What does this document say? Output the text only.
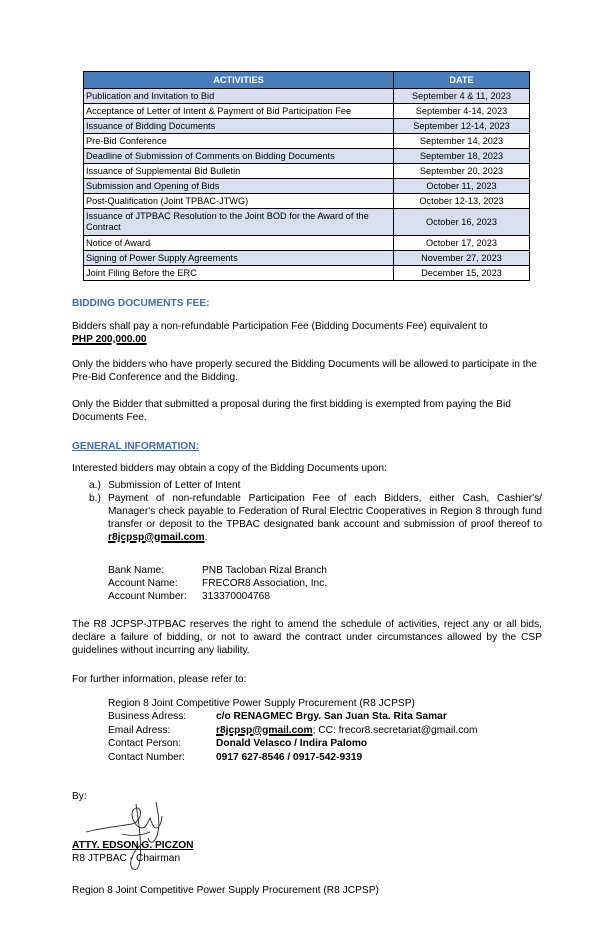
ACTIVITIES	DATE
Publication and Invitation to Bid	September 4 & 11, 2023
Acceptance of Letter of Intent & Payment of Bid Participation Fee	September 4-14, 2023
Issuance of Bidding Documents	September 12-14, 2023
Pre-Bid Conference	September 14, 2023
Deadline of Submission of Comments on Bidding Documents	September 18, 2023
Issuance of Supplemental Bid Bulletin	September 20, 2023
Submission and Opening of Bids	October 11, 2023
Post-Qualification (Joint TPBAC-JTWG)	October 12-13, 2023
Issuance of JTPBAC Resolution to the Joint BOD for the Award of the Contract	October 16, 2023
Notice of Award	October 17, 2023
Signing of Power Supply Agreements	November 27, 2023
Joint Filing Before the ERC	December 15, 2023
BIDDING DOCUMENTS FEE:
Bidders shall pay a non-refundable Participation Fee (Bidding Documents Fee) equivalent to
PHP 200,000.00
Only the bidders who have properly secured the Bidding Documents will be allowed to participate in the Pre-Bid Conference and the Bidding.
Only the Bidder that submitted a proposal during the first bidding is exempted from paying the Bid Documents Fee.
GENERAL INFORMATION:
Interested bidders may obtain a copy of the Bidding Documents upon:
a.) Submission of Letter of Intent
b.) Payment of non-refundable Participation Fee of each Bidders, either Cash, Cashier's/ Manager's check payable to Federation of Rural Electric Cooperatives in Region 8 through fund transfer or deposit to the TPBAC designated bank account and submission of proof thereof to r8jcpsp@gmail.com.
Bank Name:	PNB Tacloban Rizal Branch
Account Name: FRECOR8 Association, Inc.
Account Number: 313370004768
The R8 JCPSP-JTPBAC reserves the right to amend the schedule of activities, reject any or all bids, declare a failure of bidding, or not to award the contract under circumstances allowed by the CSP guidelines without incurring any liability.
For further information, please refer to:
Region 8 Joint Competitive Power Supply Procurement (R8 JCPSP)
Business Adress:	c/o RENAGMEC Brgy. San Juan Sta. Rita Samar
Email Adress:	r8jcpsp@gmail.com; CC: frecor8.secretariat@gmail.com
Contact Person:	Donald Velasco / Indira Palomo
Contact Number:	0917 627-8546 / 0917-542-9319
By:
ATTY. EDSON G. PICZON
R8 JTPBAC - Chairman
Region 8 Joint Competitive Power Supply Procurement (R8 JCPSP)
